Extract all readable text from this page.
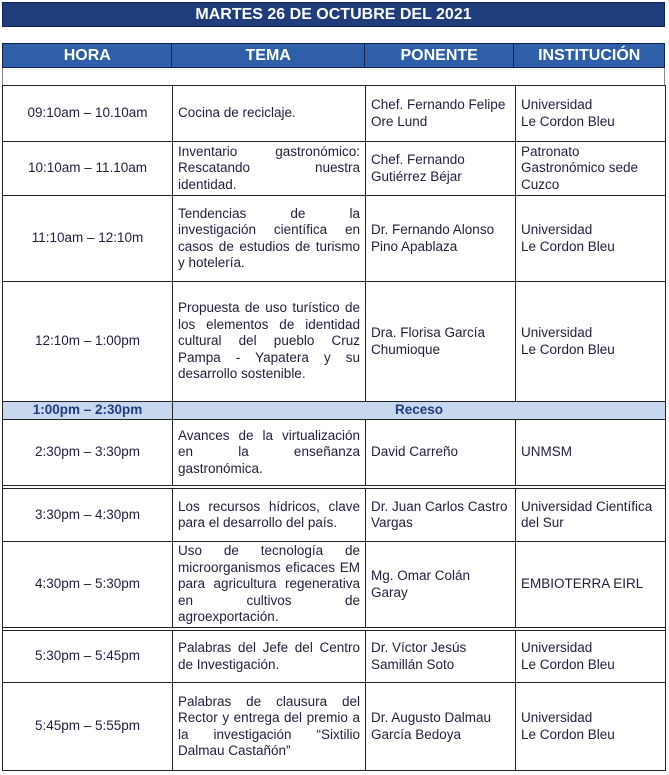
MARTES 26 DE OCTUBRE DEL 2021
HORA	TEMA	PONENTE	INSTITUCIÓN
09:10am – 10.10am	Cocina de reciclaje.	Chef. Fernando Felipe Ore Lund	Universidad
Le Cordon Bleu
10:10am – 11.10am	Inventario gastronómico: Rescatando nuestra identidad.	Chef. Fernando Gutiérrez Béjar	Patronato Gastronómico sede Cuzco
11:10am – 12:10m	Tendencias de la investigación científica en casos de estudios de turismo y hotelería.	Dr. Fernando Alonso Pino Apablaza	Universidad
Le Cordon Bleu
12:10m – 1:00pm	Propuesta de uso turístico de los elementos de identidad cultural del pueblo Cruz Pampa - Yapatera y su desarrollo sostenible.	Dra. Florisa García Chumioque	Universidad
Le Cordon Bleu
1:00pm – 2:30pm	Receso		
2:30pm – 3:30pm	Avances de la virtualización en la enseñanza gastronómica.	David Carreño	UNMSM

3:30pm – 4:30pm	Los recursos hídricos, clave para el desarrollo del país.	Dr. Juan Carlos Castro Vargas	Universidad Científica del Sur
4:30pm – 5:30pm	Uso de tecnología de microorganismos eficaces EM para agricultura regenerativa en cultivos de agroexportación.	Mg. Omar Colán Garay	EMBIOTERRA EIRL

5:30pm – 5:45pm	Palabras del Jefe del Centro de Investigación.	Dr. Víctor Jesús Samillán Soto	Universidad
Le Cordon Bleu
5:45pm – 5:55pm	Palabras de clausura del Rector y entrega del premio a la investigación “Sixtilio Dalmau Castañón”	Dr. Augusto Dalmau García Bedoya	Universidad
Le Cordon Bleu
